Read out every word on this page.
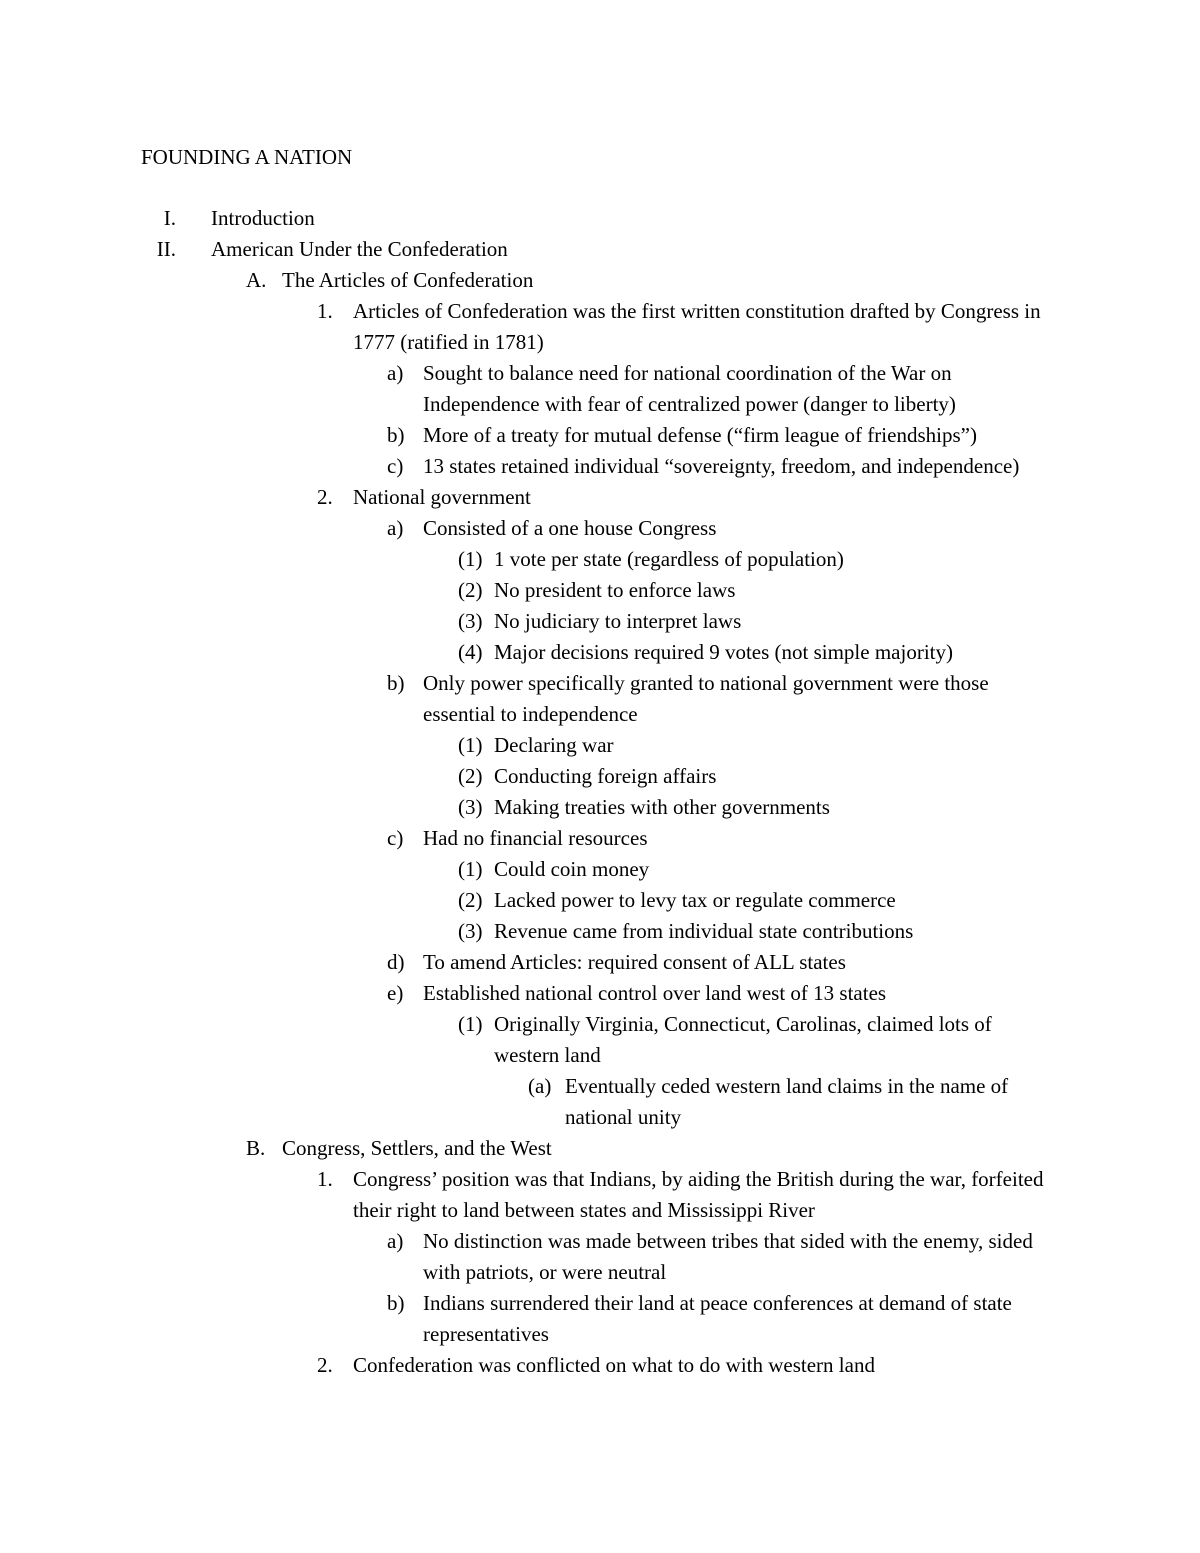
FOUNDING A NATION
I. Introduction
II. American Under the Confederation
A. The Articles of Confederation
1. Articles of Confederation was the first written constitution drafted by Congress in 1777 (ratified in 1781)
a) Sought to balance need for national coordination of the War on Independence with fear of centralized power (danger to liberty)
b) More of a treaty for mutual defense (“firm league of friendships”)
c) 13 states retained individual “sovereignty, freedom, and independence)
2. National government
a) Consisted of a one house Congress
(1) 1 vote per state (regardless of population)
(2) No president to enforce laws
(3) No judiciary to interpret laws
(4) Major decisions required 9 votes (not simple majority)
b) Only power specifically granted to national government were those essential to independence
(1) Declaring war
(2) Conducting foreign affairs
(3) Making treaties with other governments
c) Had no financial resources
(1) Could coin money
(2) Lacked power to levy tax or regulate commerce
(3) Revenue came from individual state contributions
d) To amend Articles: required consent of ALL states
e) Established national control over land west of 13 states
(1) Originally Virginia, Connecticut, Carolinas, claimed lots of western land
(a) Eventually ceded western land claims in the name of national unity
B. Congress, Settlers, and the West
1. Congress’ position was that Indians, by aiding the British during the war, forfeited their right to land between states and Mississippi River
a) No distinction was made between tribes that sided with the enemy, sided with patriots, or were neutral
b) Indians surrendered their land at peace conferences at demand of state representatives
2. Confederation was conflicted on what to do with western land
